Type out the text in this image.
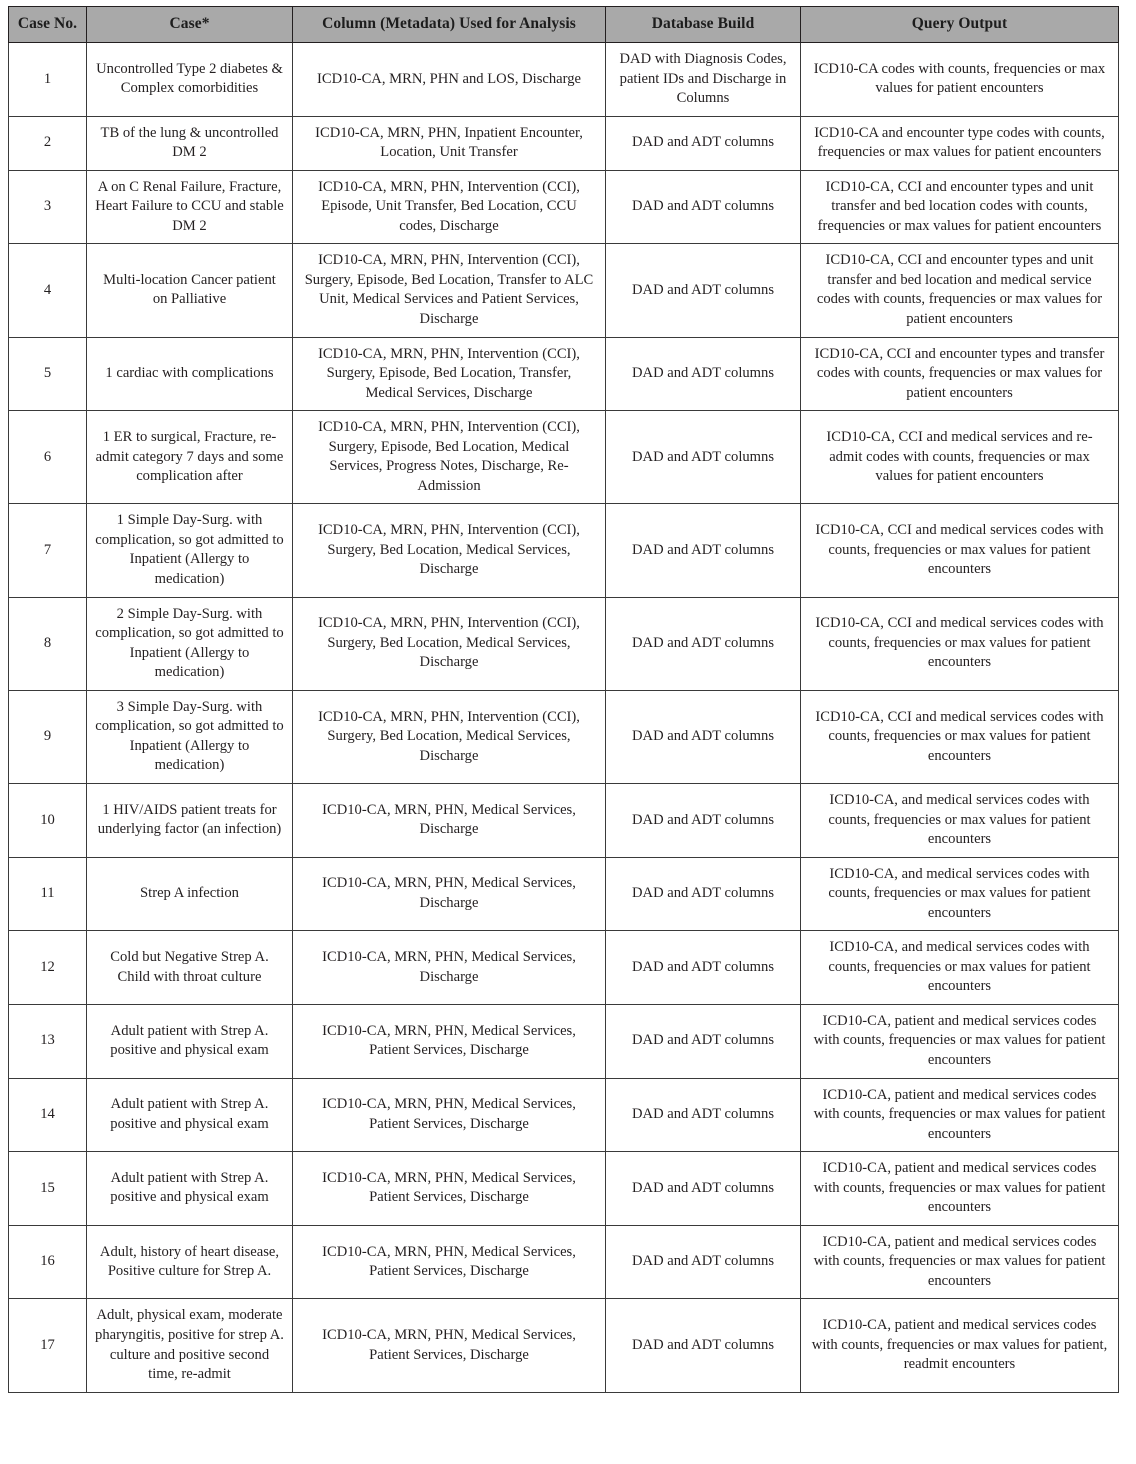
Case No.	Case*	Column (Metadata) Used for Analysis	Database Build	Query Output
1	Uncontrolled Type 2 diabetes & Complex comorbidities	ICD10-CA, MRN, PHN and LOS, Discharge	DAD with Diagnosis Codes, patient IDs and Discharge in Columns	ICD10-CA codes with counts, frequencies or max values for patient encounters
2	TB of the lung & uncontrolled DM 2	ICD10-CA, MRN, PHN, Inpatient Encounter, Location, Unit Transfer	DAD and ADT columns	ICD10-CA and encounter type codes with counts, frequencies or max values for patient encounters
3	A on C Renal Failure, Fracture, Heart Failure to CCU and stable DM 2	ICD10-CA, MRN, PHN, Intervention (CCI), Episode, Unit Transfer, Bed Location, CCU codes, Discharge	DAD and ADT columns	ICD10-CA, CCI and encounter types and unit transfer and bed location codes with counts, frequencies or max values for patient encounters
4	Multi-location Cancer patient on Palliative	ICD10-CA, MRN, PHN, Intervention (CCI), Surgery, Episode, Bed Location, Transfer to ALC Unit, Medical Services and Patient Services, Discharge	DAD and ADT columns	ICD10-CA, CCI and encounter types and unit transfer and bed location and medical service codes with counts, frequencies or max values for patient encounters
5	1 cardiac with complications	ICD10-CA, MRN, PHN, Intervention (CCI), Surgery, Episode, Bed Location, Transfer, Medical Services, Discharge	DAD and ADT columns	ICD10-CA, CCI and encounter types and transfer codes with counts, frequencies or max values for patient encounters
6	1 ER to surgical, Fracture, re-admit category 7 days and some complication after	ICD10-CA, MRN, PHN, Intervention (CCI), Surgery, Episode, Bed Location, Medical Services, Progress Notes, Discharge, Re-Admission	DAD and ADT columns	ICD10-CA, CCI and medical services and re-admit codes with counts, frequencies or max values for patient encounters
7	1 Simple Day-Surg. with complication, so got admitted to Inpatient (Allergy to medication)	ICD10-CA, MRN, PHN, Intervention (CCI), Surgery, Bed Location, Medical Services, Discharge	DAD and ADT columns	ICD10-CA, CCI and medical services codes with counts, frequencies or max values for patient encounters
8	2 Simple Day-Surg. with complication, so got admitted to Inpatient (Allergy to medication)	ICD10-CA, MRN, PHN, Intervention (CCI), Surgery, Bed Location, Medical Services, Discharge	DAD and ADT columns	ICD10-CA, CCI and medical services codes with counts, frequencies or max values for patient encounters
9	3 Simple Day-Surg. with complication, so got admitted to Inpatient (Allergy to medication)	ICD10-CA, MRN, PHN, Intervention (CCI), Surgery, Bed Location, Medical Services, Discharge	DAD and ADT columns	ICD10-CA, CCI and medical services codes with counts, frequencies or max values for patient encounters
10	1 HIV/AIDS patient treats for underlying factor (an infection)	ICD10-CA, MRN, PHN, Medical Services, Discharge	DAD and ADT columns	ICD10-CA, and medical services codes with counts, frequencies or max values for patient encounters
11	Strep A infection	ICD10-CA, MRN, PHN, Medical Services, Discharge	DAD and ADT columns	ICD10-CA, and medical services codes with counts, frequencies or max values for patient encounters
12	Cold but Negative Strep A. Child with throat culture	ICD10-CA, MRN, PHN, Medical Services, Discharge	DAD and ADT columns	ICD10-CA, and medical services codes with counts, frequencies or max values for patient encounters
13	Adult patient with Strep A. positive and physical exam	ICD10-CA, MRN, PHN, Medical Services, Patient Services, Discharge	DAD and ADT columns	ICD10-CA, patient and medical services codes with counts, frequencies or max values for patient encounters
14	Adult patient with Strep A. positive and physical exam	ICD10-CA, MRN, PHN, Medical Services, Patient Services, Discharge	DAD and ADT columns	ICD10-CA, patient and medical services codes with counts, frequencies or max values for patient encounters
15	Adult patient with Strep A. positive and physical exam	ICD10-CA, MRN, PHN, Medical Services, Patient Services, Discharge	DAD and ADT columns	ICD10-CA, patient and medical services codes with counts, frequencies or max values for patient encounters
16	Adult, history of heart disease, Positive culture for Strep A.	ICD10-CA, MRN, PHN, Medical Services, Patient Services, Discharge	DAD and ADT columns	ICD10-CA, patient and medical services codes with counts, frequencies or max values for patient encounters
17	Adult, physical exam, moderate pharyngitis, positive for strep A. culture and positive second time, re-admit	ICD10-CA, MRN, PHN, Medical Services, Patient Services, Discharge	DAD and ADT columns	ICD10-CA, patient and medical services codes with counts, frequencies or max values for patient, readmit encounters
